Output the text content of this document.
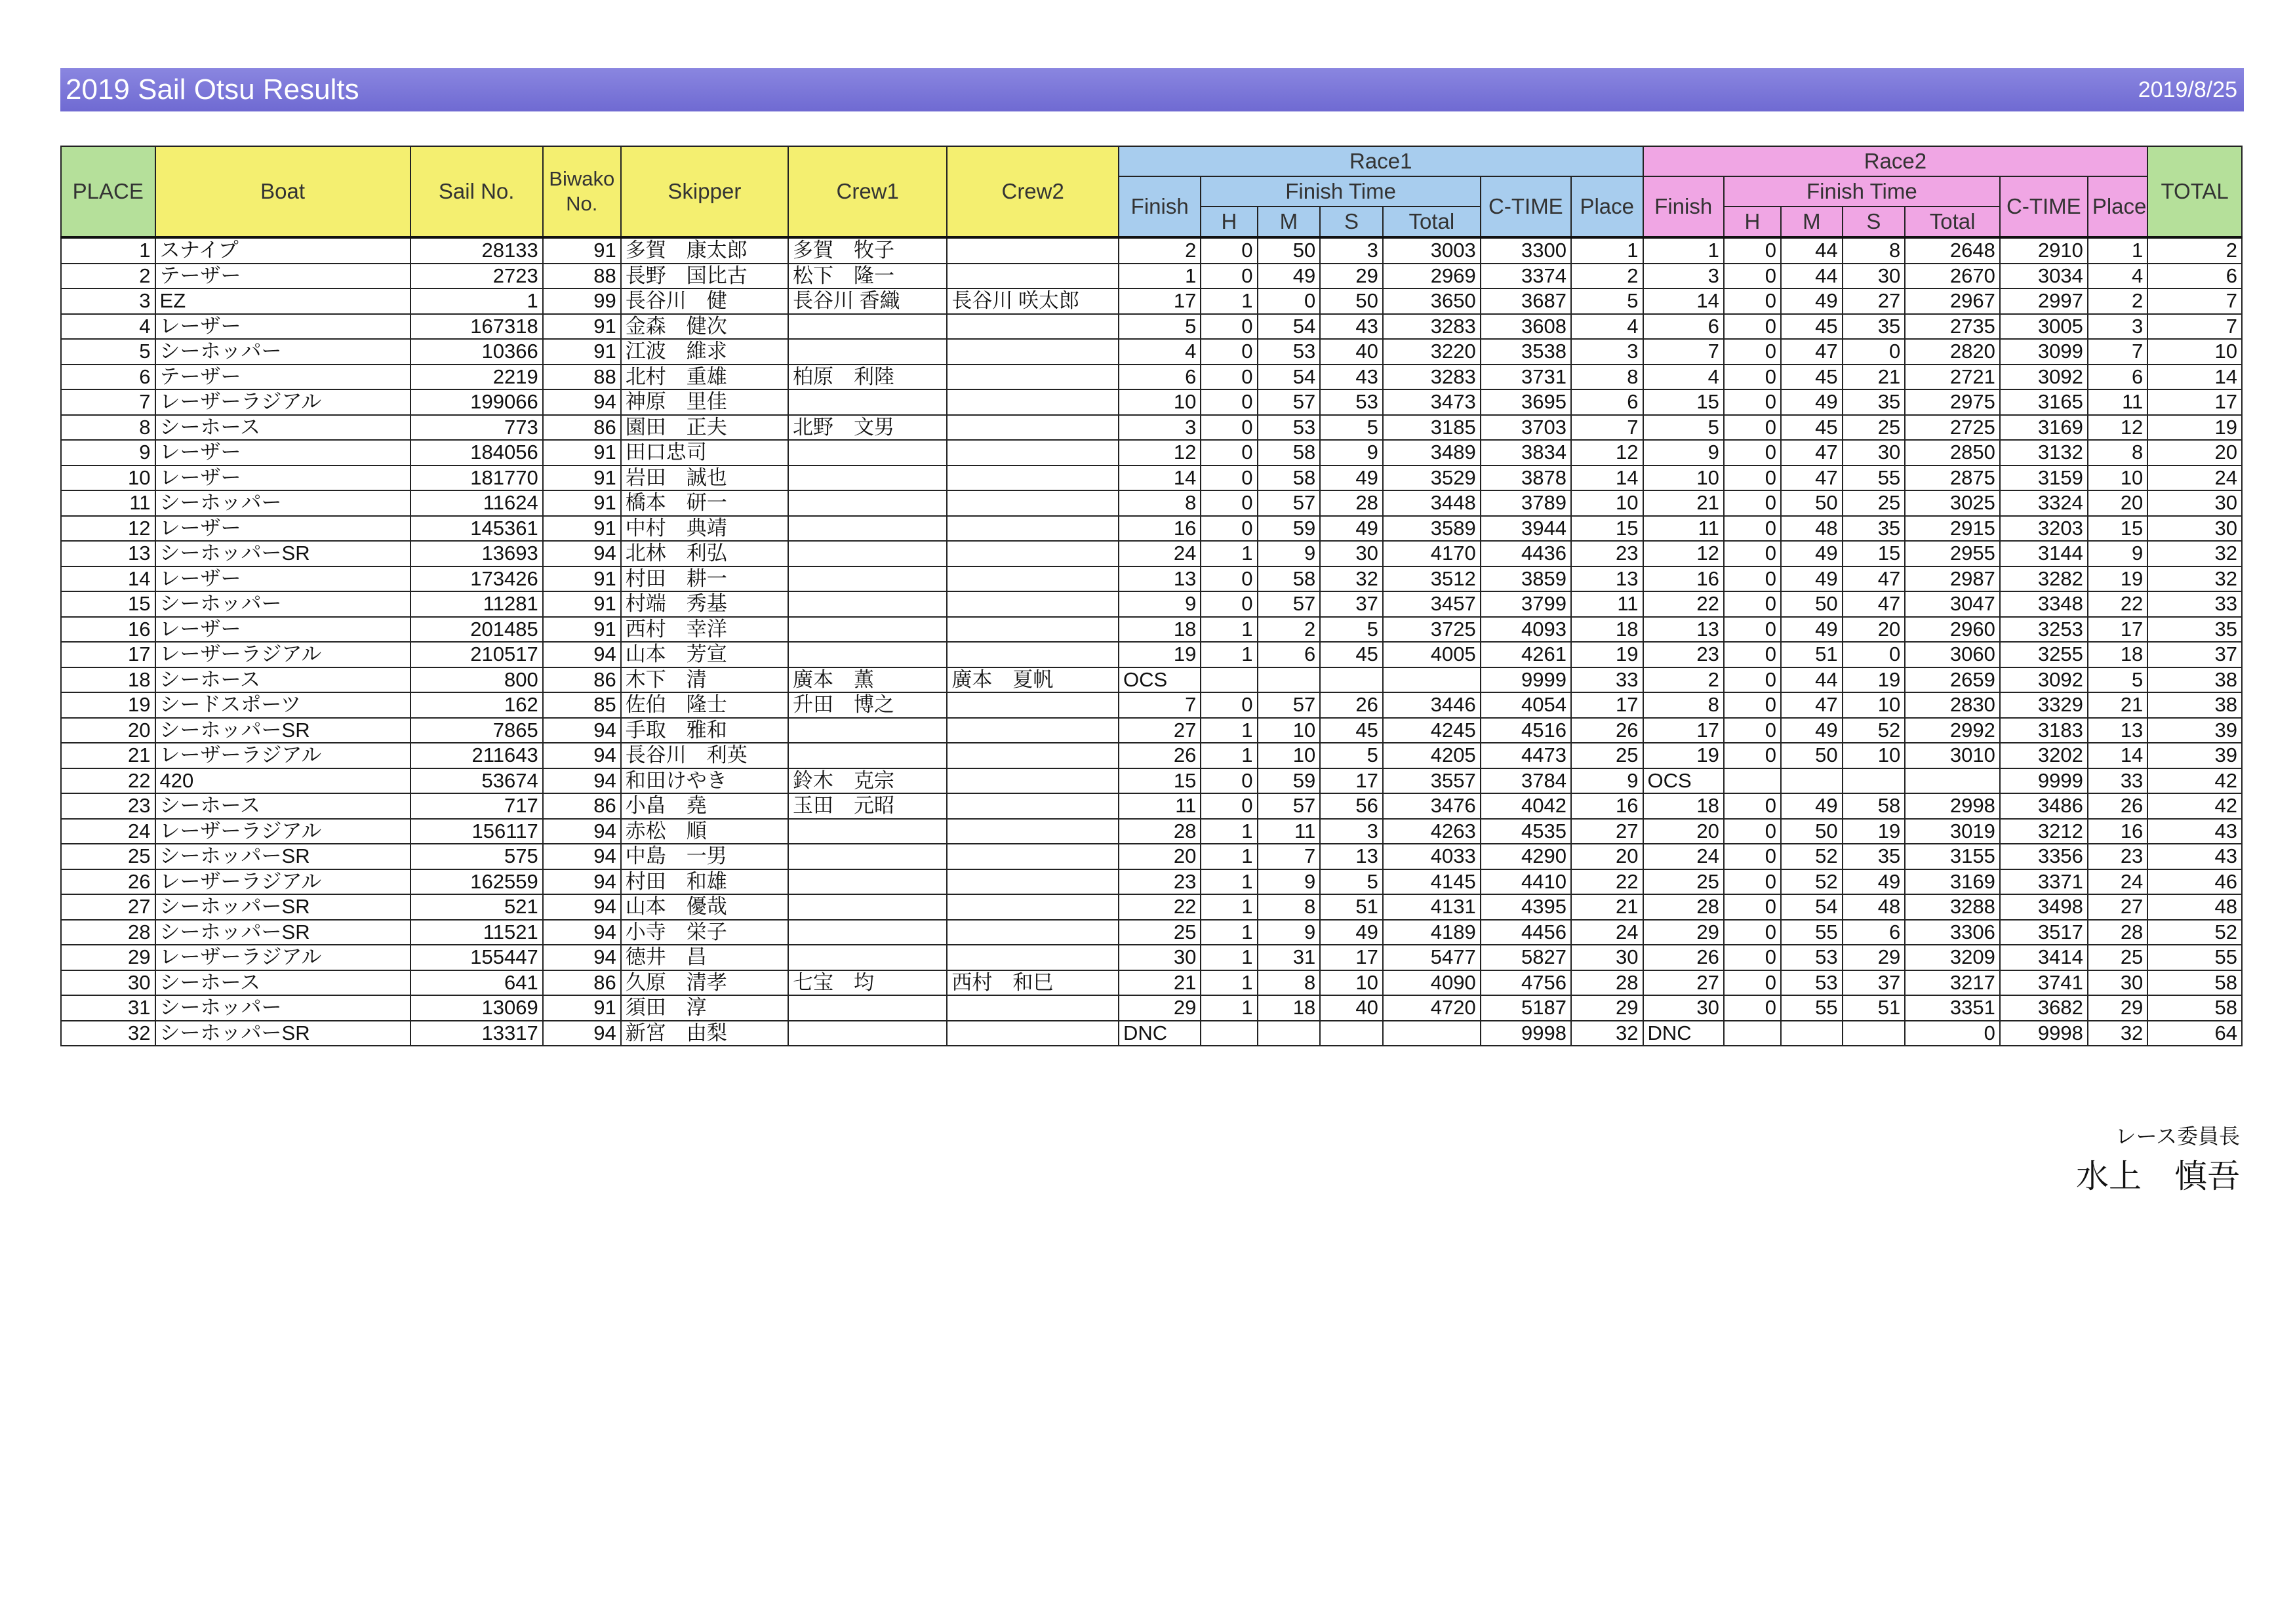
2019 Sail Otsu Results	2019/8/25
PLACE	Boat	Sail No.	Biwako No.	Skipper	Crew1	Crew2	Race1							Race2							TOTAL
							Finish	Finish Time				C-TIME	Place	Finish	Finish Time				C-TIME	Place	
								H	M	S	Total				H	M	S	Total			
1	スナイプ	28133	91	多賀　康太郎	多賀　牧子		2	0	50	3	3003	3300	1	1	0	44	8	2648	2910	1	2
2	テーザー	2723	88	長野　国比古	松下　隆一		1	0	49	29	2969	3374	2	3	0	44	30	2670	3034	4	6
3	EZ	1	99	長谷川　健	長谷川 香織	長谷川 咲太郎	17	1	0	50	3650	3687	5	14	0	49	27	2967	2997	2	7
4	レーザー	167318	91	金森　健次			5	0	54	43	3283	3608	4	6	0	45	35	2735	3005	3	7
5	シーホッパー	10366	91	江波　維求			4	0	53	40	3220	3538	3	7	0	47	0	2820	3099	7	10
6	テーザー	2219	88	北村　重雄	柏原　利陸		6	0	54	43	3283	3731	8	4	0	45	21	2721	3092	6	14
7	レーザーラジアル	199066	94	神原　里佳			10	0	57	53	3473	3695	6	15	0	49	35	2975	3165	11	17
8	シーホース	773	86	園田　正夫	北野　文男		3	0	53	5	3185	3703	7	5	0	45	25	2725	3169	12	19
9	レーザー	184056	91	田口忠司			12	0	58	9	3489	3834	12	9	0	47	30	2850	3132	8	20
10	レーザー	181770	91	岩田　誠也			14	0	58	49	3529	3878	14	10	0	47	55	2875	3159	10	24
11	シーホッパー	11624	91	橋本　研一			8	0	57	28	3448	3789	10	21	0	50	25	3025	3324	20	30
12	レーザー	145361	91	中村　典靖			16	0	59	49	3589	3944	15	11	0	48	35	2915	3203	15	30
13	シーホッパーSR	13693	94	北林　利弘			24	1	9	30	4170	4436	23	12	0	49	15	2955	3144	9	32
14	レーザー	173426	91	村田　耕一			13	0	58	32	3512	3859	13	16	0	49	47	2987	3282	19	32
15	シーホッパー	11281	91	村端　秀基			9	0	57	37	3457	3799	11	22	0	50	47	3047	3348	22	33
16	レーザー	201485	91	西村　幸洋			18	1	2	5	3725	4093	18	13	0	49	20	2960	3253	17	35
17	レーザーラジアル	210517	94	山本　芳宣			19	1	6	45	4005	4261	19	23	0	51	0	3060	3255	18	37
18	シーホース	800	86	木下　清	廣本　薫	廣本　夏帆	OCS					9999	33	2	0	44	19	2659	3092	5	38
19	シードスポーツ	162	85	佐伯　隆士	升田　博之		7	0	57	26	3446	4054	17	8	0	47	10	2830	3329	21	38
20	シーホッパーSR	7865	94	手取　雅和			27	1	10	45	4245	4516	26	17	0	49	52	2992	3183	13	39
21	レーザーラジアル	211643	94	長谷川　利英			26	1	10	5	4205	4473	25	19	0	50	10	3010	3202	14	39
22	420	53674	94	和田けやき	鈴木　克宗		15	0	59	17	3557	3784	9	OCS					9999	33	42
23	シーホース	717	86	小畠　堯	玉田　元昭		11	0	57	56	3476	4042	16	18	0	49	58	2998	3486	26	42
24	レーザーラジアル	156117	94	赤松　順			28	1	11	3	4263	4535	27	20	0	50	19	3019	3212	16	43
25	シーホッパーSR	575	94	中島　一男			20	1	7	13	4033	4290	20	24	0	52	35	3155	3356	23	43
26	レーザーラジアル	162559	94	村田　和雄			23	1	9	5	4145	4410	22	25	0	52	49	3169	3371	24	46
27	シーホッパーSR	521	94	山本　優哉			22	1	8	51	4131	4395	21	28	0	54	48	3288	3498	27	48
28	シーホッパーSR	11521	94	小寺　栄子			25	1	9	49	4189	4456	24	29	0	55	6	3306	3517	28	52
29	レーザーラジアル	155447	94	徳井　昌			30	1	31	17	5477	5827	30	26	0	53	29	3209	3414	25	55
30	シーホース	641	86	久原　清孝	七宝　均	西村　和巳	21	1	8	10	4090	4756	28	27	0	53	37	3217	3741	30	58
31	シーホッパー	13069	91	須田　淳			29	1	18	40	4720	5187	29	30	0	55	51	3351	3682	29	58
32	シーホッパーSR	13317	94	新宮　由梨			DNC					9998	32	DNC				0	9998	32	64
レース委員長
水上　慎吾
